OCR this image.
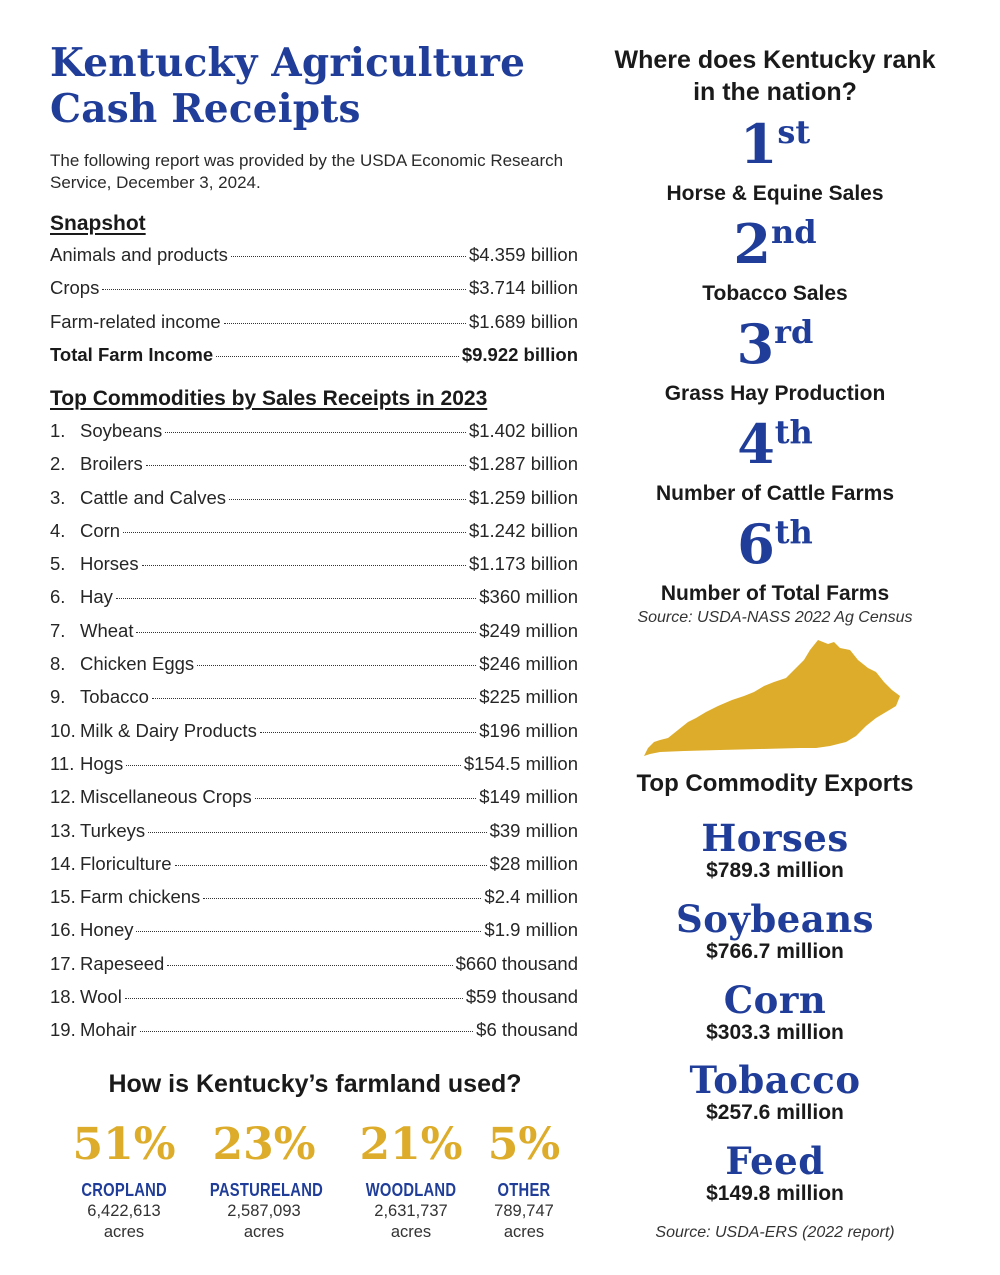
Kentucky Agriculture
Cash Receipts
The following report was provided by the USDA Economic Research Service, December 3, 2024.
Snapshot
Animals and products	$4.359 billion
Crops	$3.714 billion
Farm-related income	$1.689 billion
Total Farm Income	$9.922 billion
Top Commodities by Sales Receipts in 2023
1. Soybeans	$1.402 billion
2. Broilers	$1.287 billion
3. Cattle and Calves	$1.259 billion
4. Corn	$1.242 billion
5. Horses	$1.173 billion
6. Hay	$360 million
7. Wheat	$249 million
8. Chicken Eggs	$246 million
9. Tobacco	$225 million
10. Milk & Dairy Products	$196 million
11. Hogs	$154.5 million
12. Miscellaneous Crops	$149 million
13. Turkeys	$39 million
14. Floriculture	$28 million
15. Farm chickens	$2.4 million
16. Honey	$1.9 million
17. Rapeseed	$660 thousand
18. Wool	$59 thousand
19. Mohair	$6 thousand
How is Kentucky’s farmland used?
51%
CROPLAND
6,422,613
acres
23%
PASTURELAND
2,587,093
acres
21%
WOODLAND
2,631,737
acres
5%
OTHER
789,747
acres
Where does Kentucky rank
in the nation?
1st
Horse & Equine Sales
2nd
Tobacco Sales
3rd
Grass Hay Production
4th
Number of Cattle Farms
6th
Number of Total Farms
Source: USDA-NASS 2022 Ag Census
Top Commodity Exports
Horses
$789.3 million
Soybeans
$766.7 million
Corn
$303.3 million
Tobacco
$257.6 million
Feed
$149.8 million
Source: USDA-ERS (2022 report)
